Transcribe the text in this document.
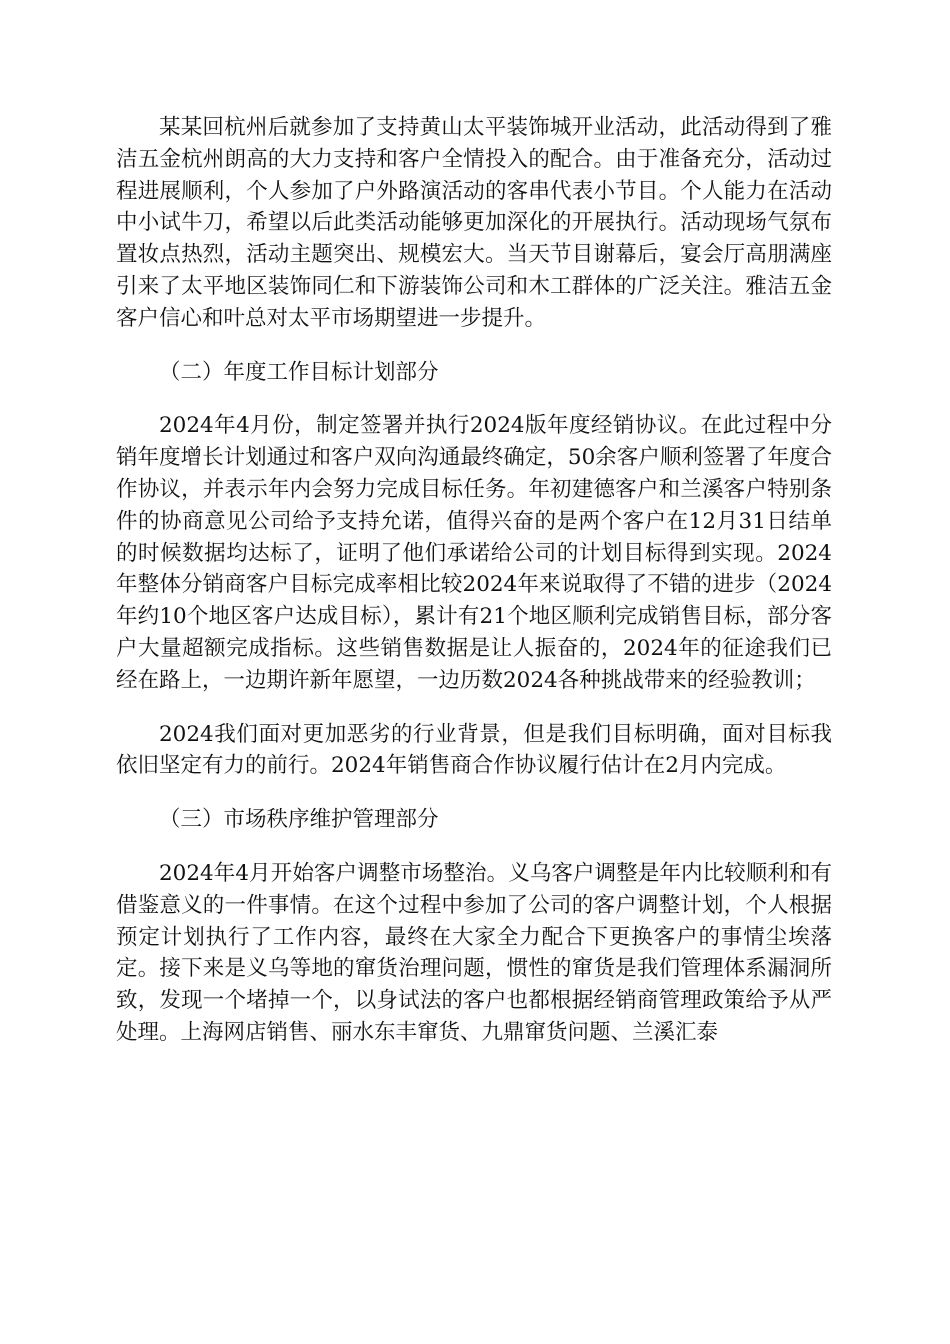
某某回杭州后就参加了支持黄山太平装饰城开业活动，此活动得到了雅洁五金杭州朗高的大力支持和客户全情投入的配合。由于准备充分，活动过程进展顺利，个人参加了户外路演活动的客串代表小节目。个人能力在活动中小试牛刀，希望以后此类活动能够更加深化的开展执行。活动现场气氛布置妆点热烈，活动主题突出、规模宏大。当天节目谢幕后，宴会厅高朋满座引来了太平地区装饰同仁和下游装饰公司和木工群体的广泛关注。雅洁五金客户信心和叶总对太平市场期望进一步提升。

（二）年度工作目标计划部分

2024年4月份，制定签署并执行2024版年度经销协议。在此过程中分销年度增长计划通过和客户双向沟通最终确定，50余客户顺利签署了年度合作协议，并表示年内会努力完成目标任务。年初建德客户和兰溪客户特别条件的协商意见公司给予支持允诺，值得兴奋的是两个客户在12月31日结单的时候数据均达标了，证明了他们承诺给公司的计划目标得到实现。2024年整体分销商客户目标完成率相比较2024年来说取得了不错的进步（2024年约10个地区客户达成目标），累计有21个地区顺利完成销售目标，部分客户大量超额完成指标。这些销售数据是让人振奋的，2024年的征途我们已经在路上，一边期许新年愿望，一边历数2024各种挑战带来的经验教训；

2024我们面对更加恶劣的行业背景，但是我们目标明确，面对目标我依旧坚定有力的前行。2024年销售商合作协议履行估计在2月内完成。

（三）市场秩序维护管理部分

2024年4月开始客户调整市场整治。义乌客户调整是年内比较顺利和有借鉴意义的一件事情。在这个过程中参加了公司的客户调整计划，个人根据预定计划执行了工作内容，最终在大家全力配合下更换客户的事情尘埃落定。接下来是义乌等地的窜货治理问题，惯性的窜货是我们管理体系漏洞所致，发现一个堵掉一个，以身试法的客户也都根据经销商管理政策给予从严处理。上海网店销售、丽水东丰窜货、九鼎窜货问题、兰溪汇泰
